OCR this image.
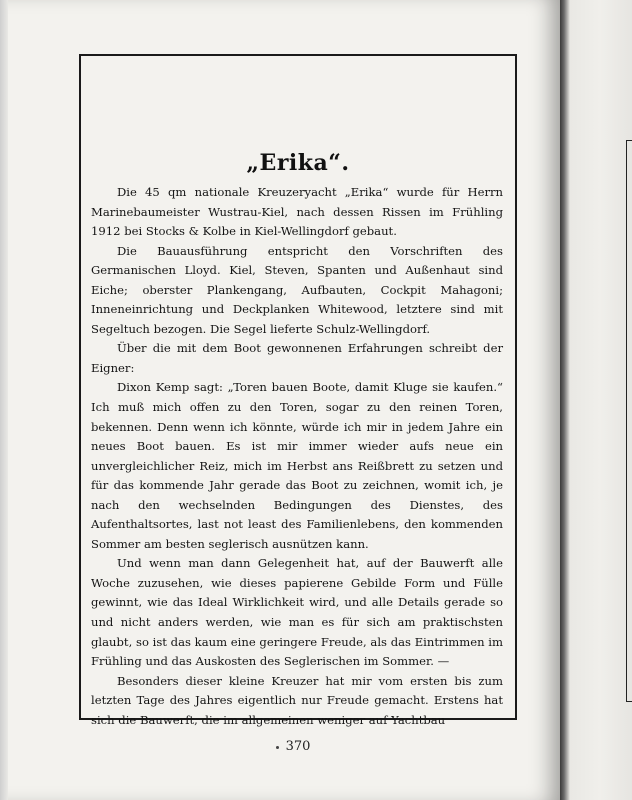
„Erika“.

Die 45 qm nationale Kreuzeryacht „Erika“ wurde für Herrn Marinebaumeister Wustrau-Kiel, nach dessen Rissen im Frühling 1912 bei Stocks & Kolbe in Kiel-Wellingdorf gebaut.

Die Bauausführung entspricht den Vorschriften des Germanischen Lloyd. Kiel, Steven, Spanten und Außenhaut sind Eiche; oberster Plankengang, Aufbauten, Cockpit Mahagoni; Inneneinrichtung und Deckplanken Whitewood, letztere sind mit Segeltuch bezogen. Die Segel lieferte Schulz-Wellingdorf.

Über die mit dem Boot gewonnenen Erfahrungen schreibt der Eigner:

Dixon Kemp sagt: „Toren bauen Boote, damit Kluge sie kaufen.“ Ich muß mich offen zu den Toren, sogar zu den reinen Toren, bekennen. Denn wenn ich könnte, würde ich mir in jedem Jahre ein neues Boot bauen. Es ist mir immer wieder aufs neue ein unvergleichlicher Reiz, mich im Herbst ans Reißbrett zu setzen und für das kommende Jahr gerade das Boot zu zeichnen, womit ich, je nach den wechselnden Bedingungen des Dienstes, des Aufenthaltsortes, last not least des Familienlebens, den kommenden Sommer am besten seglerisch ausnützen kann.

Und wenn man dann Gelegenheit hat, auf der Bauwerft alle Woche zuzusehen, wie dieses papierene Gebilde Form und Fülle gewinnt, wie das Ideal Wirklichkeit wird, und alle Details gerade so und nicht anders werden, wie man es für sich am praktischsten glaubt, so ist das kaum eine geringere Freude, als das Eintrimmen im Frühling und das Auskosten des Seglerischen im Sommer. —

Besonders dieser kleine Kreuzer hat mir vom ersten bis zum letzten Tage des Jahres eigentlich nur Freude gemacht. Erstens hat sich die Bauwerft, die im allgemeinen weniger auf Yachtbau

370
